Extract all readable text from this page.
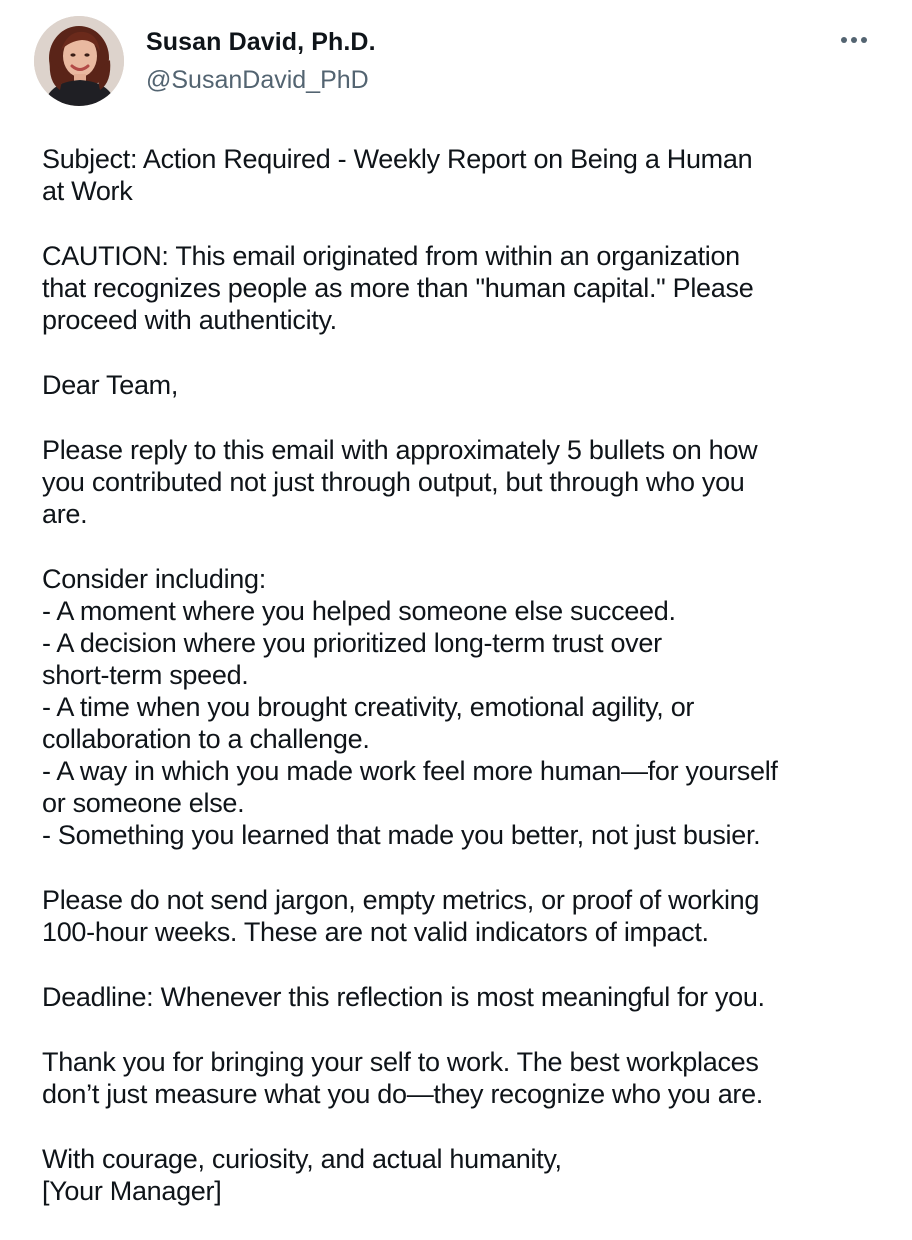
Susan David, Ph.D.
@SusanDavid_PhD

Subject: Action Required - Weekly Report on Being a Human
at Work

CAUTION: This email originated from within an organization
that recognizes people as more than "human capital." Please
proceed with authenticity.

Dear Team,

Please reply to this email with approximately 5 bullets on how
you contributed not just through output, but through who you
are.

Consider including:
- A moment where you helped someone else succeed.
- A decision where you prioritized long-term trust over
short-term speed.
- A time when you brought creativity, emotional agility, or
collaboration to a challenge.
- A way in which you made work feel more human—for yourself
or someone else.
- Something you learned that made you better, not just busier.

Please do not send jargon, empty metrics, or proof of working
100-hour weeks. These are not valid indicators of impact.

Deadline: Whenever this reflection is most meaningful for you.

Thank you for bringing your self to work. The best workplaces
don’t just measure what you do—they recognize who you are.

With courage, curiosity, and actual humanity,
[Your Manager]
